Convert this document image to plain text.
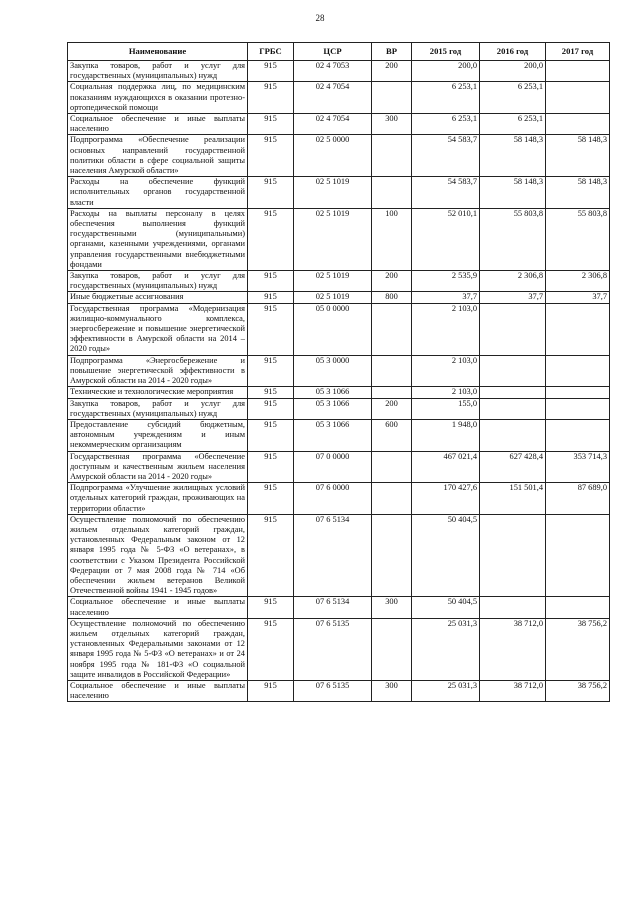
28
Наименование	ГРБС	ЦСР	ВР	2015 год	2016 год	2017 год
Закупка товаров, работ и услуг для государственных (муниципальных) нужд	915	02 4 7053	200	200,0	200,0	
Социальная поддержка лиц, по медицинским показаниям нуждающихся в оказании протезно-ортопедической помощи	915	02 4 7054		6 253,1	6 253,1	
Социальное обеспечение и иные выплаты населению	915	02 4 7054	300	6 253,1	6 253,1	
Подпрограмма «Обеспечение реализации основных направлений государственной политики области в сфере социальной защиты населения Амурской области»	915	02 5 0000		54 583,7	58 148,3	58 148,3
Расходы на обеспечение функций исполнительных органов государственной власти	915	02 5 1019		54 583,7	58 148,3	58 148,3
Расходы на выплаты персоналу в целях обеспечения выполнения функций государственными (муниципальными) органами, казенными учреждениями, органами управления государственными внебюджетными фондами	915	02 5 1019	100	52 010,1	55 803,8	55 803,8
Закупка товаров, работ и услуг для государственных (муниципальных) нужд	915	02 5 1019	200	2 535,9	2 306,8	2 306,8
Иные бюджетные ассигнования	915	02 5 1019	800	37,7	37,7	37,7
Государственная программа «Модернизация жилищно-коммунального комплекса, энергосбережение и повышение энергетической эффективности в Амурской области на 2014 – 2020 годы»	915	05 0 0000		2 103,0		
Подпрограмма «Энергосбережение и повышение энергетической эффективности в Амурской области на 2014 - 2020 годы»	915	05 3 0000		2 103,0		
Технические и технологические мероприятия	915	05 3 1066		2 103,0		
Закупка товаров, работ и услуг для государственных (муниципальных) нужд	915	05 3 1066	200	155,0		
Предоставление субсидий бюджетным, автономным учреждениям и иным некоммерческим организациям	915	05 3 1066	600	1 948,0		
Государственная программа «Обеспечение доступным и качественным жильем населения Амурской области на 2014 - 2020 годы»	915	07 0 0000		467 021,4	627 428,4	353 714,3
Подпрограмма «Улучшение жилищных условий отдельных категорий граждан, проживающих на территории области»	915	07 6 0000		170 427,6	151 501,4	87 689,0
Осуществление полномочий по обеспечению жильем отдельных категорий граждан, установленных Федеральным законом от 12 января 1995 года № 5-ФЗ «О ветеранах», в соответствии с Указом Президента Российской Федерации от 7 мая 2008 года № 714 «Об обеспечении жильем ветеранов Великой Отечественной войны 1941 - 1945 годов»	915	07 6 5134		50 404,5		
Социальное обеспечение и иные выплаты населению	915	07 6 5134	300	50 404,5		
Осуществление полномочий по обеспечению жильем отдельных категорий граждан, установленных Федеральными законами от 12 января 1995 года № 5-ФЗ «О ветеранах» и от 24 ноября 1995 года № 181-ФЗ «О социальной защите инвалидов в Российской Федерации»	915	07 6 5135		25 031,3	38 712,0	38 756,2
Социальное обеспечение и иные выплаты населению	915	07 6 5135	300	25 031,3	38 712,0	38 756,2
